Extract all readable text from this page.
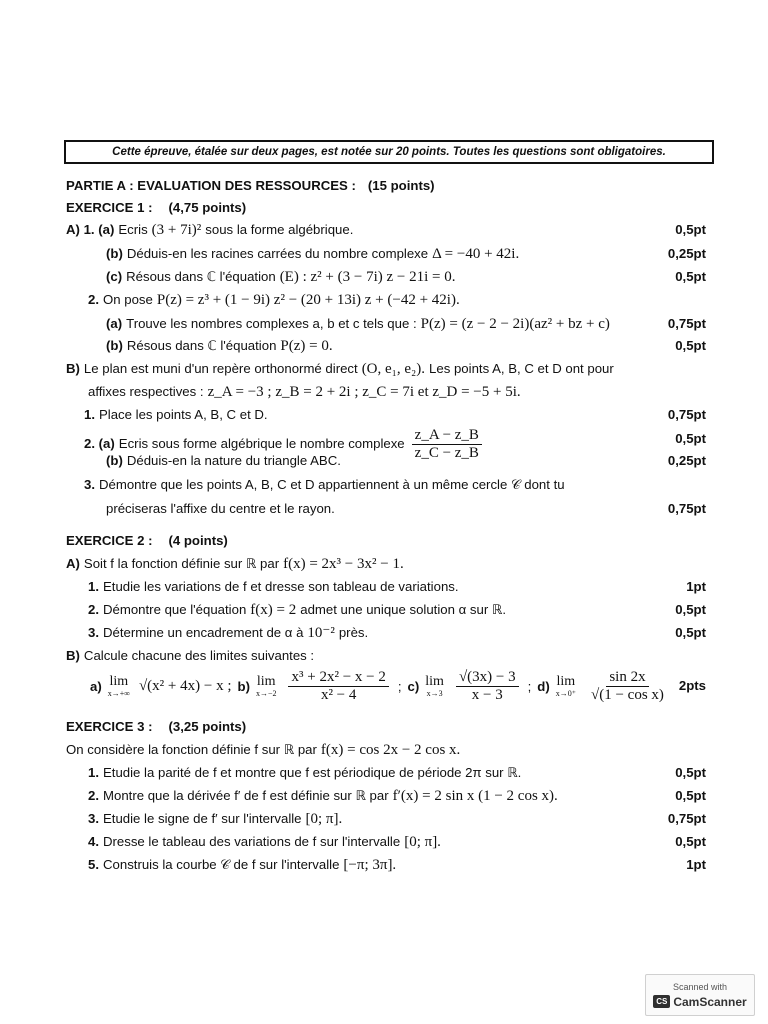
Cette épreuve, étalée sur deux pages, est notée sur 20 points. Toutes les questions sont obligatoires.
PARTIE A : EVALUATION DES RESSOURCES : (15 points)
EXERCICE 1 : (4,75 points)
A) 1. (a) Ecris (3 + 7i)² sous la forme algébrique.	0,5pt
(b) Déduis-en les racines carrées du nombre complexe Δ = −40 + 42i.	0,25pt
(c) Résous dans ℂ l'équation (E) : z² + (3 − 7i) z − 21i = 0.	0,5pt
2. On pose P(z) = z³ + (1 − 9i) z² − (20 + 13i) z + (−42 + 42i).
(a) Trouve les nombres complexes a, b et c tels que : P(z) = (z − 2 − 2i)(az² + bz + c)	0,75pt
(b) Résous dans ℂ l'équation P(z) = 0.	0,5pt
B) Le plan est muni d'un repère orthonormé direct (O, e₁, e₂). Les points A, B, C et D ont pour
affixes respectives : z_A = −3 ; z_B = 2 + 2i ; z_C = 7i et z_D = −5 + 5i.
1. Place les points A, B, C et D.	0,75pt
2. (a) Ecris sous forme algébrique le nombre complexe $\frac{z\_A - z\_B}{z\_C - z\_B}$	0,5pt
(b) Déduis-en la nature du triangle ABC.	0,25pt
3. Démontre que les points A, B, C et D appartiennent à un même cercle 𝒞 dont tu
préciseras l'affixe du centre et le rayon.	0,75pt
EXERCICE 2 : (4 points)
A) Soit f la fonction définie sur ℝ par f(x) = 2x³ − 3x² − 1.
1. Etudie les variations de f et dresse son tableau de variations.	1pt
2. Démontre que l'équation f(x) = 2 admet une unique solution α sur ℝ.	0,5pt
3. Détermine un encadrement de α à 10⁻² près.	0,5pt
B) Calcule chacune des limites suivantes :
a) lim
x→+∞ √(x² + 4x) − x ; b) lim
$x\to-2 \frac{\text{x³ + 2x² − x − 2}}{\text{x² − 4}}$ ; c) lim
$x\to 3 \frac{√(3x) - 3}{x - 3}$ ; d) lim
$x\to 0^+ \frac{\sin 2x}{\text{√(1 − cos x)}} 2pts$
EXERCICE 3 : (3,25 points)
On considère la fonction définie f sur ℝ par f(x) = cos 2x − 2 cos x.
1. Etudie la parité de f et montre que f est périodique de période 2π sur ℝ.	0,5pt
2. Montre que la dérivée f′ de f est définie sur ℝ par f′(x) = 2 sin x (1 − 2 cos x).	0,5pt
3. Etudie le signe de f′ sur l'intervalle [0; π].	0,75pt
4. Dresse le tableau des variations de f sur l'intervalle [0; π].	0,5pt
5. Construis la courbe 𝒞 de f sur l'intervalle [−π; 3π].	1pt
Scanned with
CS CamScanner
